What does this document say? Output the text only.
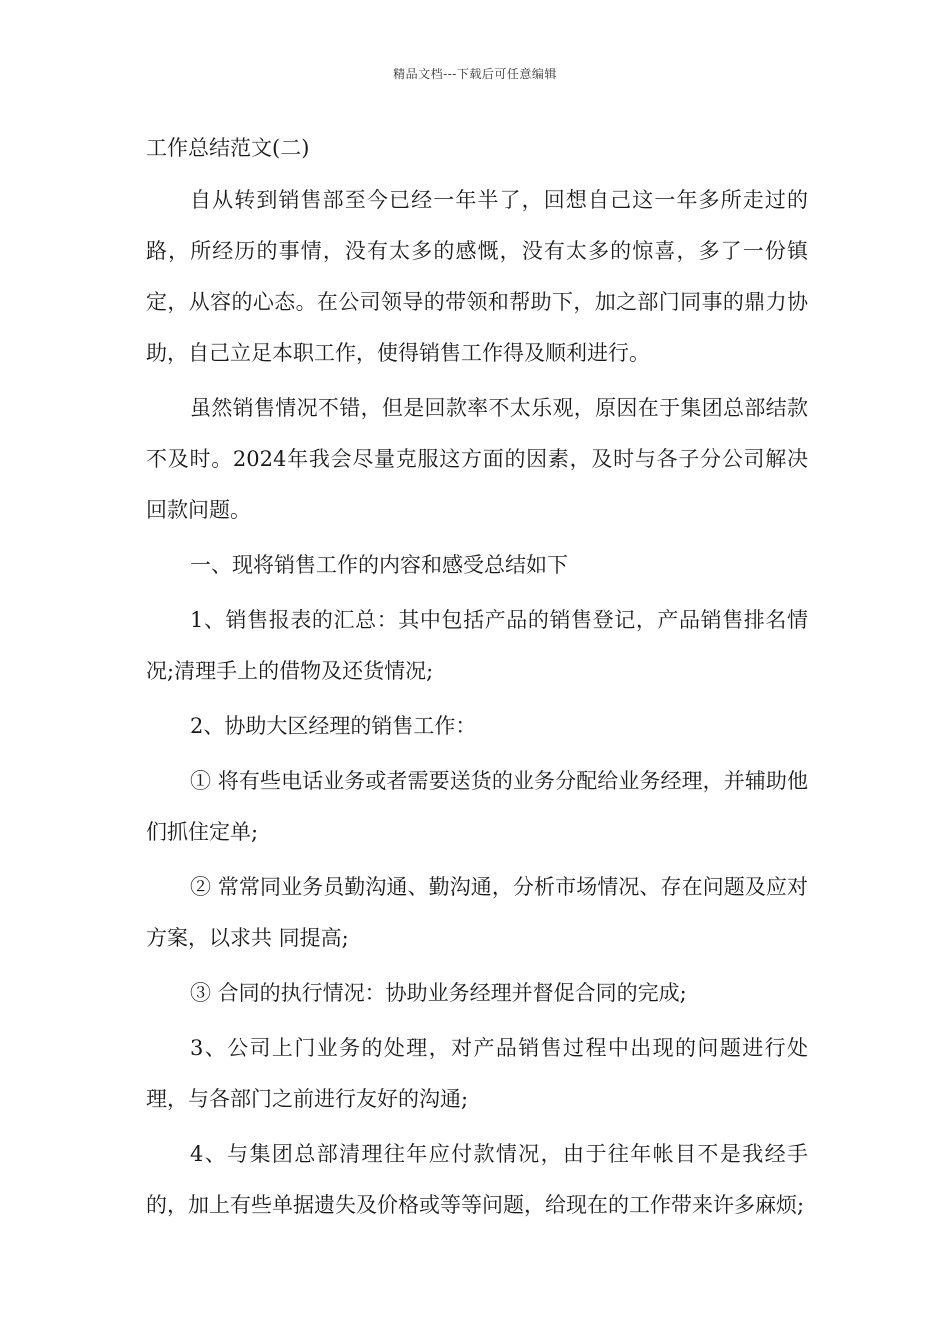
精品文档---下载后可任意编辑
工作总结范文(二)

自从转到销售部至今已经一年半了，回想自己这一年多所走过的路，所经历的事情，没有太多的感慨，没有太多的惊喜，多了一份镇定，从容的心态。在公司领导的带领和帮助下，加之部门同事的鼎力协助，自己立足本职工作，使得销售工作得及顺利进行。

虽然销售情况不错，但是回款率不太乐观，原因在于集团总部结款不及时。2024年我会尽量克服这方面的因素，及时与各子分公司解决回款问题。

一、现将销售工作的内容和感受总结如下

1、销售报表的汇总：其中包括产品的销售登记，产品销售排名情况;清理手上的借物及还货情况;

2、协助大区经理的销售工作：

① 将有些电话业务或者需要送货的业务分配给业务经理，并辅助他们抓住定单;

② 常常同业务员勤沟通、勤沟通，分析市场情况、存在问题及应对方案，以求共 同提高;

③ 合同的执行情况：协助业务经理并督促合同的完成;

3、公司上门业务的处理，对产品销售过程中出现的问题进行处理，与各部门之前进行友好的沟通;

4、与集团总部清理往年应付款情况，由于往年帐目不是我经手的，加上有些单据遗失及价格或等等问题，给现在的工作带来许多麻烦;
